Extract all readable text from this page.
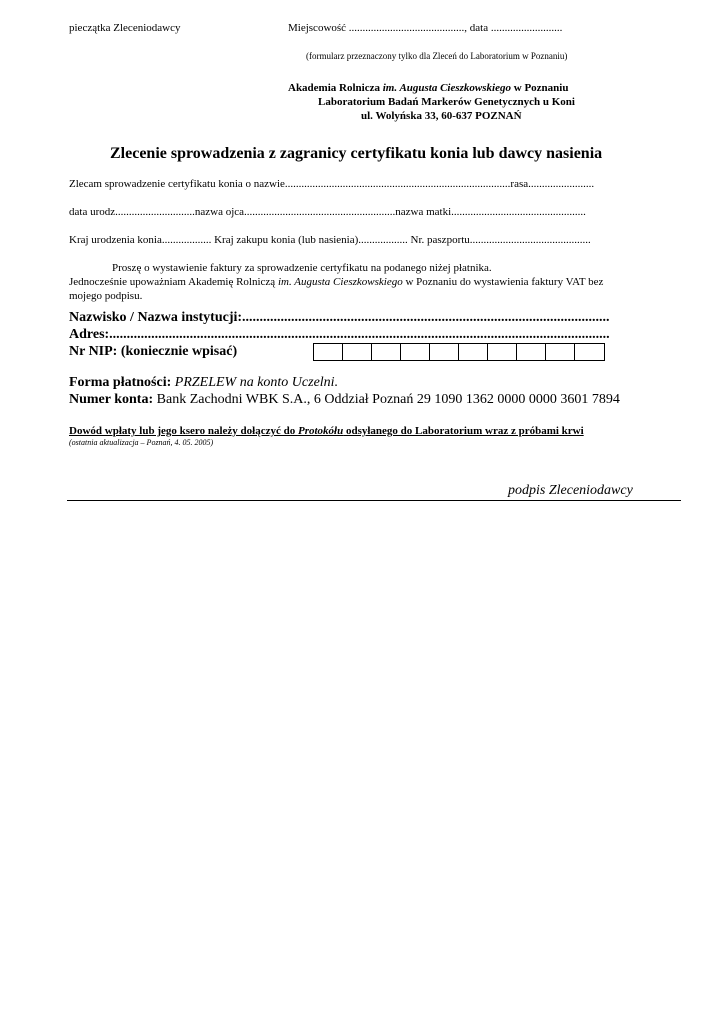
pieczątka Zleceniodawcy	Miejscowość .........................................., data ..........................
(formularz przeznaczony tylko dla Zleceń do Laboratorium w Poznaniu)
Akademia Rolnicza im. Augusta Cieszkowskiego w Poznaniu
Laboratorium Badań Markerów Genetycznych u Koni
ul. Wolyńska 33, 60-637 POZNAŃ
Zlecenie sprowadzenia z zagranicy certyfikatu konia lub dawcy nasienia
Zlecam sprowadzenie certyfikatu konia o nazwie..................................................................................rasa........................
data urodz.............................nazwa ojca.......................................................nazwa matki.................................................
Kraj urodzenia konia.................. Kraj zakupu konia (lub nasienia).................. Nr. paszportu............................................
Proszę o wystawienie faktury za sprowadzenie certyfikatu na podanego niżej płatnika.
Jednocześnie upoważniam Akademię Rolniczą im. Augusta Cieszkowskiego w Poznaniu do wystawienia faktury VAT bez
mojego podpisu.
Nazwisko / Nazwa instytucji:.........................................................................................................
Adres:...............................................................................................................................................
Nr NIP: (koniecznie wpisać)
Forma płatności: PRZELEW na konto Uczelni.
Numer konta: Bank Zachodni WBK S.A., 6 Oddział Poznań 29 1090 1362 0000 0000 3601 7894
Dowód wpłaty lub jego ksero należy dołączyć do Protokółu odsyłanego do Laboratorium wraz z próbami krwi
(ostatnia aktualizacja – Poznań, 4. 05. 2005)
podpis Zleceniodawcy
